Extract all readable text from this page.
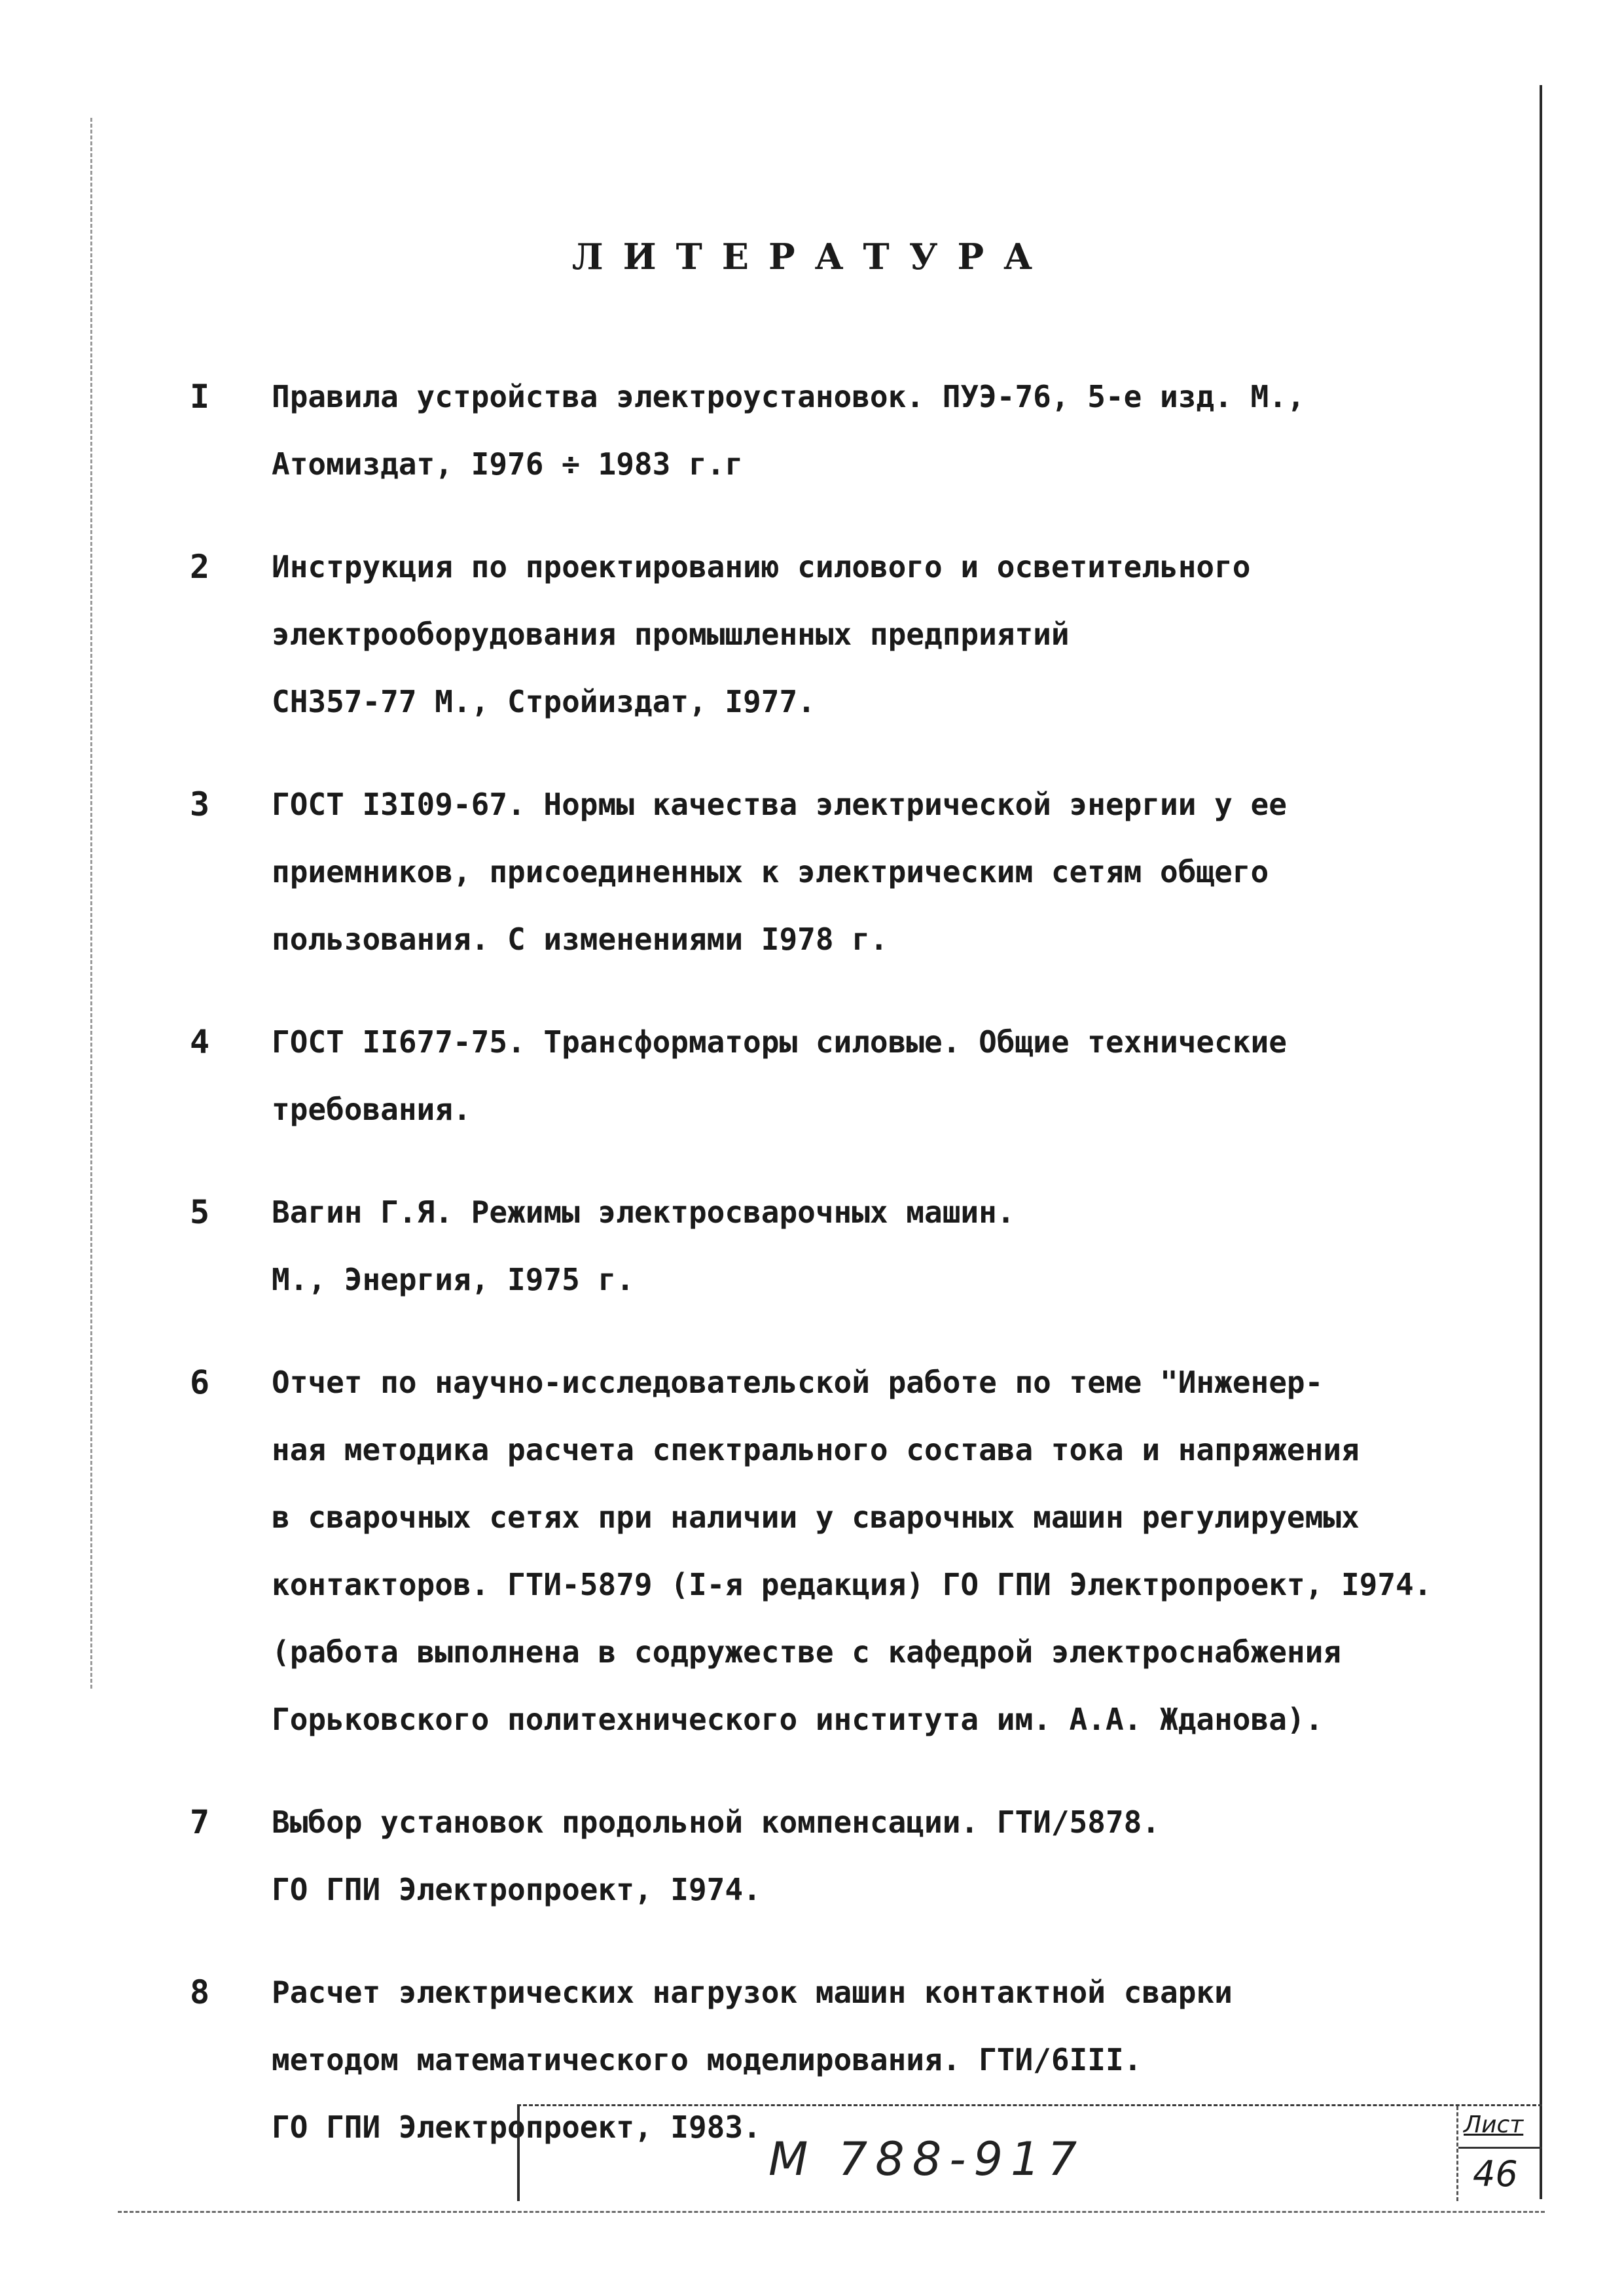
ЛИТЕРАТУРА
I Правила устройства электроустановок. ПУЭ-76, 5-е изд. М.,
Атомиздат, I976 ÷ 1983 г.г
2 Инструкция по проектированию силового и осветительного
электрооборудования промышленных предприятий
СН357-77 М., Стройиздат, I977.
3 ГОСТ I3I09-67. Нормы качества электрической энергии у ее
приемников, присоединенных к электрическим сетям общего
пользования. С изменениями I978 г.
4 ГОСТ II677-75. Трансформаторы силовые. Общие технические
требования.
5 Вагин Г.Я. Режимы электросварочных машин.
М., Энергия, I975 г.
6 Отчет по научно-исследовательской работе по теме "Инженер-
ная методика расчета спектрального состава тока и напряжения
в сварочных сетях при наличии у сварочных машин регулируемых
контакторов. ГТИ-5879 (I-я редакция) ГО ГПИ Электропроект, I974.
(работа выполнена в содружестве с кафедрой электроснабжения
Горьковского политехнического института им. А.А. Жданова).
7 Выбор установок продольной компенсации. ГТИ/5878.
ГО ГПИ Электропроект, I974.
8 Расчет электрических нагрузок машин контактной сварки
методом математического моделирования. ГТИ/6III.
ГО ГПИ Электропроект, I983.
М 788-917
Лист
46
